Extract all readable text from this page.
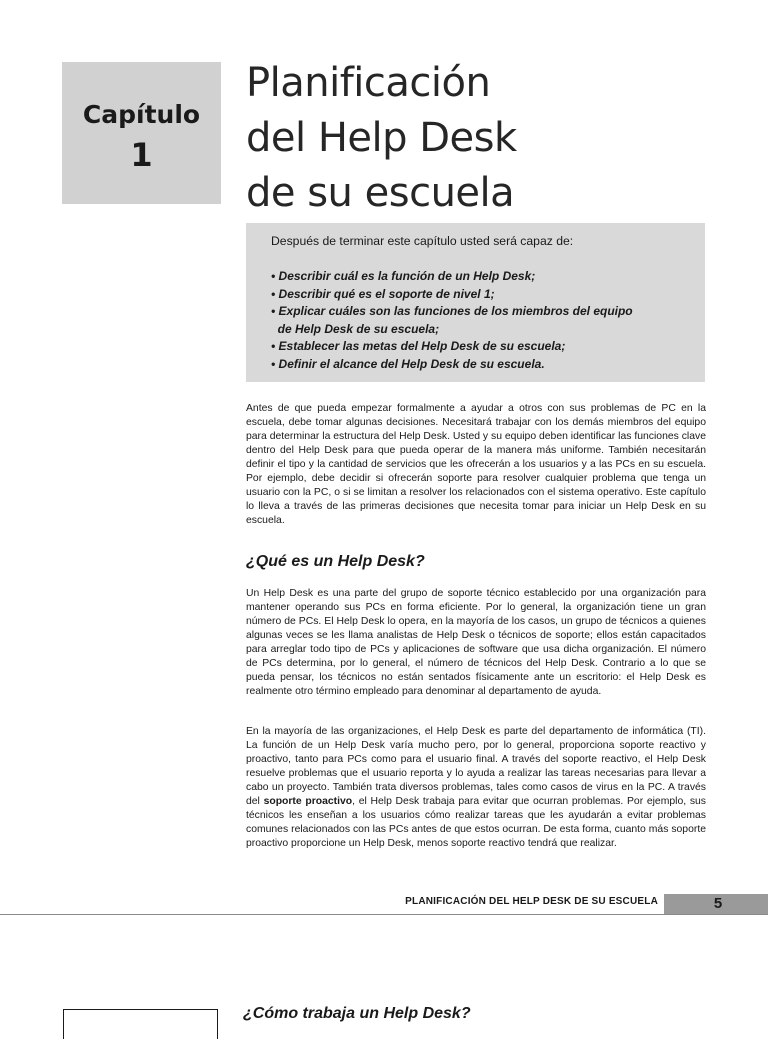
Capítulo
1
Planificación
del Help Desk
de su escuela

Después de terminar este capítulo usted será capaz de:

• Describir cuál es la función de un Help Desk;
• Describir qué es el soporte de nivel 1;
• Explicar cuáles son las funciones de los miembros del equipo
de Help Desk de su escuela;
• Establecer las metas del Help Desk de su escuela;
• Definir el alcance del Help Desk de su escuela.

Antes de que pueda empezar formalmente a ayudar a otros con sus problemas de PC en la escuela, debe tomar algunas decisiones. Necesitará trabajar con los demás miembros del equipo para determinar la estructura del Help Desk. Usted y su equipo deben identificar las funciones clave dentro del Help Desk para que pueda operar de la manera más uniforme. También necesitarán definir el tipo y la cantidad de servicios que les ofrecerán a los usuarios y a las PCs en su escuela. Por ejemplo, debe decidir si ofrecerán soporte para resolver cualquier problema que tenga un usuario con la PC, o si se limitan a resolver los relacionados con el sistema operativo. Este capítulo lo lleva a través de las primeras decisiones que necesita tomar para iniciar un Help Desk en su escuela.

¿Qué es un Help Desk?

Un Help Desk es una parte del grupo de soporte técnico establecido por una organización para mantener operando sus PCs en forma eficiente. Por lo general, la organización tiene un gran número de PCs. El Help Desk lo opera, en la mayoría de los casos, un grupo de técnicos a quienes algunas veces se les llama analistas de Help Desk o técnicos de soporte; ellos están capacitados para arreglar todo tipo de PCs y aplicaciones de software que usa dicha organización. El número de PCs determina, por lo general, el número de técnicos del Help Desk. Contrario a lo que se pueda pensar, los técnicos no están sentados físicamente ante un escritorio: el Help Desk es realmente otro término empleado para denominar al departamento de ayuda.

En la mayoría de las organizaciones, el Help Desk es parte del departamento de informática (TI). La función de un Help Desk varía mucho pero, por lo general, proporciona soporte reactivo y proactivo, tanto para PCs como para el usuario final. A través del soporte reactivo, el Help Desk resuelve problemas que el usuario reporta y lo ayuda a realizar las tareas necesarias para llevar a cabo un proyecto. También trata diversos problemas, tales como casos de virus en la PC. A través del soporte proactivo, el Help Desk trabaja para evitar que ocurran problemas. Por ejemplo, sus técnicos les enseñan a los usuarios cómo realizar tareas que les ayudarán a evitar problemas comunes relacionados con las PCs antes de que estos ocurran. De esta forma, cuanto más soporte proactivo proporcione un Help Desk, menos soporte reactivo tendrá que realizar.

PLANIFICACIÓN DEL HELP DESK DE SU ESCUELA	5
¿Cómo trabaja un Help Desk?
